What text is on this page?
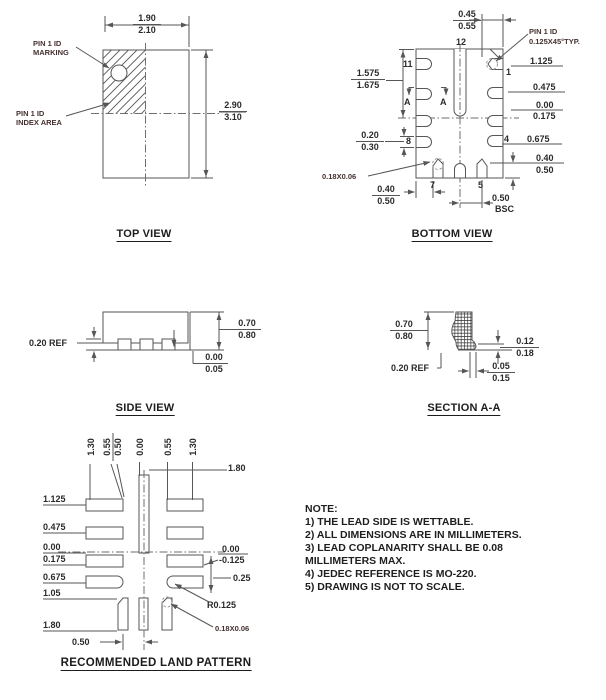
$\frac{1.90}{2.10}$
$\frac{2.90}{3.10}$
PIN 1 ID
MARKING
PIN 1 ID
INDEX AREA
TOP VIEW
$\frac{0.45}{0.55}$	PIN 1 ID
0.125X45°TYP.
$\frac{1.575}{1.675}$
$\frac{0.20}{0.30}$
0.18X0.06
$\frac{0.40}{0.50}$	0.50
BSC
1.125
0.475
0.00
0.175
0.675
0.40
0.50
12
11
8
7	5
1
4
A	A
BOTTOM VIEW
0.20 REF
$\frac{0.70}{0.80}$
$\frac{0.00}{0.05}$
SIDE VIEW
$\frac{0.70}{0.80}$
0.20 REF
$\frac{0.12}{0.18}$
$\frac{0.05}{0.15}$
SECTION A-A
1.30 0.55 0.50 0.00 0.55 1.30
1.80
1.125
0.475
0.00
0.175
0.675
1.05
1.80
0.00
-0.125
0.25
R0.125
0.18X0.06
0.50
RECOMMENDED LAND PATTERN
NOTE:
1) THE LEAD SIDE IS WETTABLE.
2) ALL DIMENSIONS ARE IN MILLIMETERS.
3) LEAD COPLANARITY SHALL BE 0.08
MILLIMETERS MAX.
4) JEDEC REFERENCE IS MO-220.
5) DRAWING IS NOT TO SCALE.
